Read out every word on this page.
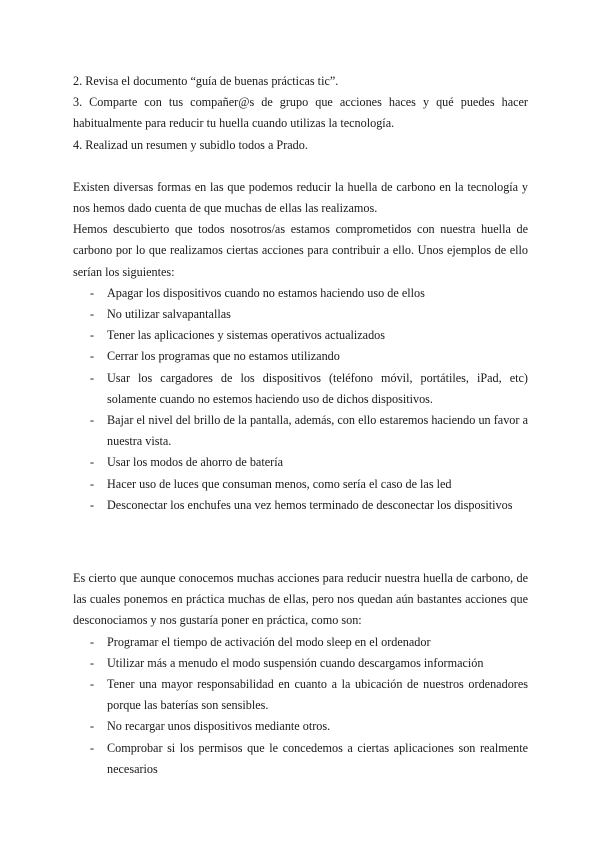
2. Revisa el documento “guía de buenas prácticas tic”.

3. Comparte con tus compañer@s de grupo que acciones haces y qué puedes hacer habitualmente para reducir tu huella cuando utilizas la tecnología.

4. Realizad un resumen y subidlo todos a Prado.

Existen diversas formas en las que podemos reducir la huella de carbono en la tecnología y nos hemos dado cuenta de que muchas de ellas las realizamos.

Hemos descubierto que todos nosotros/as estamos comprometidos con nuestra huella de carbono por lo que realizamos ciertas acciones para contribuir a ello. Unos ejemplos de ello serían los siguientes:

- Apagar los dispositivos cuando no estamos haciendo uso de ellos
- No utilizar salvapantallas
- Tener las aplicaciones y sistemas operativos actualizados
- Cerrar los programas que no estamos utilizando
- Usar los cargadores de los dispositivos (teléfono móvil, portátiles, iPad, etc) solamente cuando no estemos haciendo uso de dichos dispositivos.
- Bajar el nivel del brillo de la pantalla, además, con ello estaremos haciendo un favor a nuestra vista.
- Usar los modos de ahorro de batería
- Hacer uso de luces que consuman menos, como sería el caso de las led
- Desconectar los enchufes una vez hemos terminado de desconectar los dispositivos

Es cierto que aunque conocemos muchas acciones para reducir nuestra huella de carbono, de las cuales ponemos en práctica muchas de ellas, pero nos quedan aún bastantes acciones que desconociamos y nos gustaría poner en práctica, como son:

- Programar el tiempo de activación del modo sleep en el ordenador
- Utilizar más a menudo el modo suspensión cuando descargamos información
- Tener una mayor responsabilidad en cuanto a la ubicación de nuestros ordenadores porque las baterías son sensibles.
- No recargar unos dispositivos mediante otros.
- Comprobar si los permisos que le concedemos a ciertas aplicaciones son realmente necesarios
